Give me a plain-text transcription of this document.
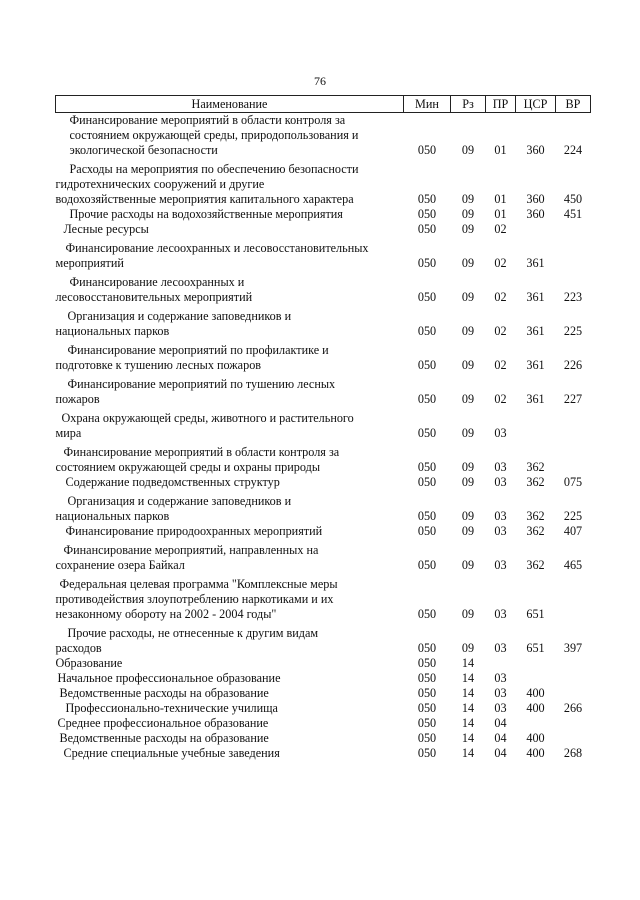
76
Наименование	Мин	Рз	ПР	ЦСР	ВР

Финансирование мероприятий в области контроля за
состоянием окружающей среды, природопользования и
экологической безопасности	050	09	01	360	224

Расходы на мероприятия по обеспечению безопасности
гидротехнических сооружений и другие
водохозяйственные мероприятия капитального характера	050	09	01	360	450

Прочие расходы на водохозяйственные мероприятия	050	09	01	360	451

Лесные ресурсы	050	09	02		

Финансирование лесоохранных и лесовосстановительных
мероприятий	050	09	02	361	

Финансирование лесоохранных и
лесовосстановительных мероприятий	050	09	02	361	223

Организация и содержание заповедников и
национальных парков	050	09	02	361	225

Финансирование мероприятий по профилактике и
подготовке к тушению лесных пожаров	050	09	02	361	226

Финансирование мероприятий по тушению лесных
пожаров	050	09	02	361	227

Охрана окружающей среды, животного и растительного
мира	050	09	03		

Финансирование мероприятий в области контроля за
состоянием окружающей среды и охраны природы	050	09	03	362	

Содержание подведомственных структур	050	09	03	362	075

Организация и содержание заповедников и
национальных парков	050	09	03	362	225

Финансирование природоохранных мероприятий	050	09	03	362	407

Финансирование мероприятий, направленных на
сохранение озера Байкал	050	09	03	362	465

Федеральная целевая программа "Комплексные меры
противодействия злоупотреблению наркотиками и их
незаконному обороту на 2002 - 2004 годы"	050	09	03	651	

Прочие расходы, не отнесенные к другим видам
расходов	050	09	03	651	397

Образование	050	14			

Начальное профессиональное образование	050	14	03		

Ведомственные расходы на образование	050	14	03	400	

Профессионально-технические училища	050	14	03	400	266

Среднее профессиональное образование	050	14	04		

Ведомственные расходы на образование	050	14	04	400	

Средние специальные учебные заведения	050	14	04	400	268
